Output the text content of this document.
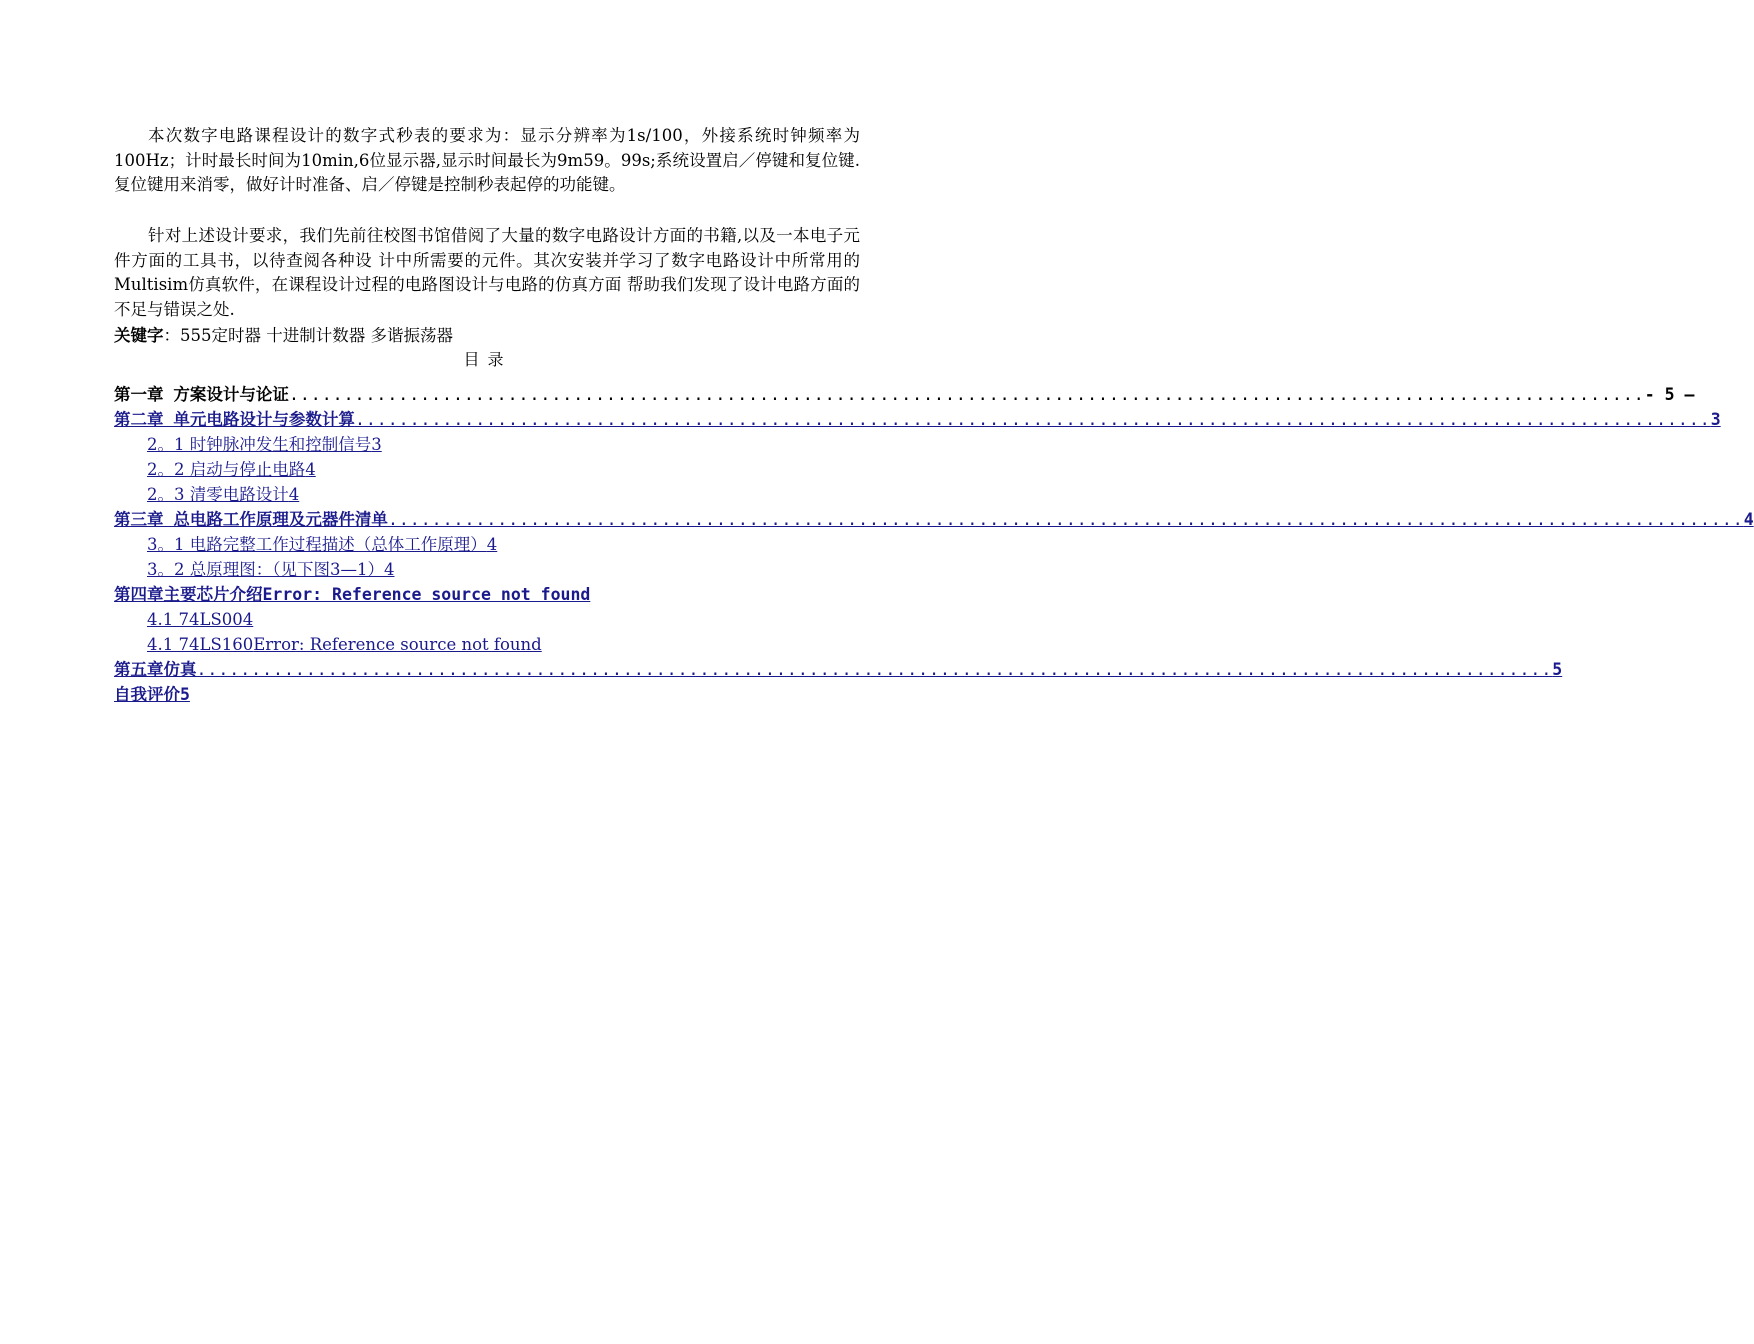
本次数字电路课程设计的数字式秒表的要求为：显示分辨率为1s/100，外接系统时钟频率为100Hz；计时最长时间为10min,6位显示器,显示时间最长为9m59。99s;系统设置启／停键和复位键.复位键用来消零，做好计时准备、启／停键是控制秒表起停的功能键。

针对上述设计要求，我们先前往校图书馆借阅了大量的数字电路设计方面的书籍,以及一本电子元件方面的工具书，以待查阅各种设 计中所需要的元件。其次安装并学习了数字电路设计中所常用的Multisim仿真软件，在课程设计过程的电路图设计与电路的仿真方面 帮助我们发现了设计电路方面的不足与错误之处.

关键字：555定时器 十进制计数器 多谐振荡器
目录
第一章 方案设计与论证 ............................................................................................................................ - 5 —
第二章 单元电路设计与参数计算 ............................................................................................................................ 3
2。1 时钟脉冲发生和控制信号3
2。2 启动与停止电路4
2。3 清零电路设计4
第三章 总电路工作原理及元器件清单 ............................................................................................................................ 4
3。1 电路完整工作过程描述（总体工作原理）4
3。2 总原理图：（见下图3—1）4
第四章主要芯片介绍Error: Reference source not found
4.1 74LS004
4.1 74LS160Error: Reference source not found
第五章仿真 ............................................................................................................................ 5
自我评价5
